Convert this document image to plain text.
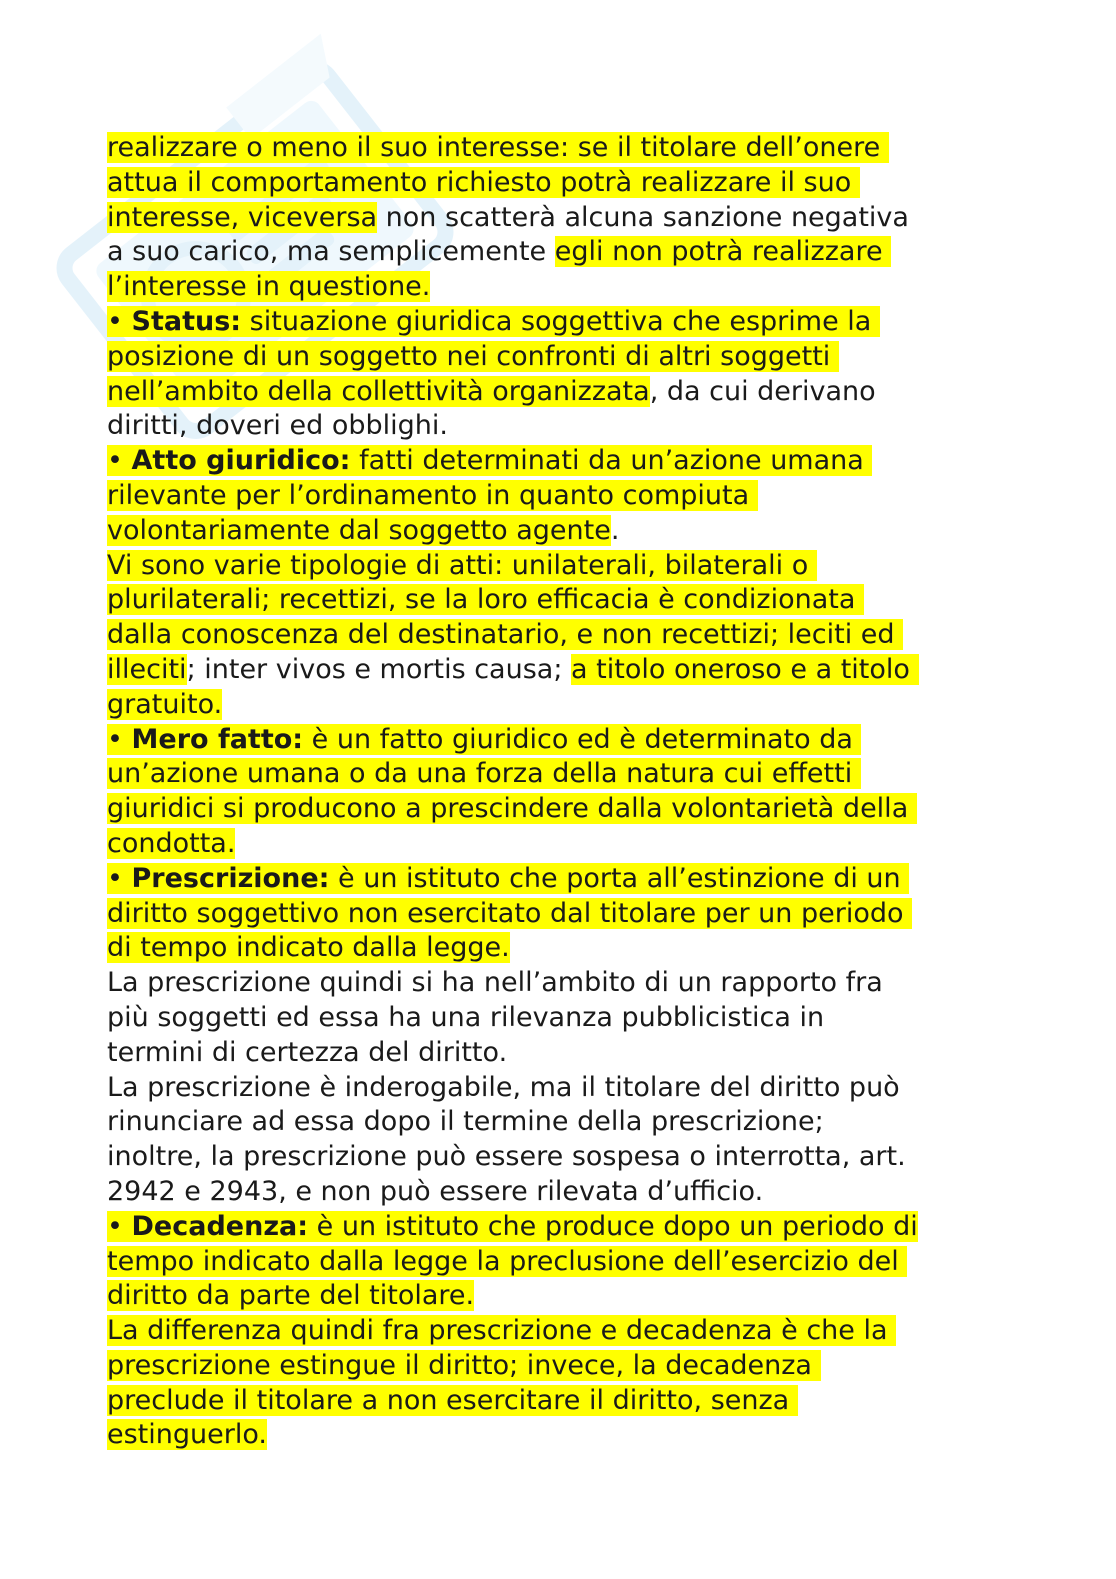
realizzare o meno il suo interesse: se il titolare dell’onere
attua il comportamento richiesto potrà realizzare il suo
interesse, viceversa non scatterà alcuna sanzione negativa
a suo carico, ma semplicemente egli non potrà realizzare
l’interesse in questione.
• Status: situazione giuridica soggettiva che esprime la
posizione di un soggetto nei confronti di altri soggetti
nell’ambito della collettività organizzata, da cui derivano
diritti, doveri ed obblighi.
• Atto giuridico: fatti determinati da un’azione umana
rilevante per l’ordinamento in quanto compiuta
volontariamente dal soggetto agente.
Vi sono varie tipologie di atti: unilaterali, bilaterali o
plurilaterali; recettizi, se la loro efficacia è condizionata
dalla conoscenza del destinatario, e non recettizi; leciti ed
illeciti; inter vivos e mortis causa; a titolo oneroso e a titolo
gratuito.
• Mero fatto: è un fatto giuridico ed è determinato da
un’azione umana o da una forza della natura cui effetti
giuridici si producono a prescindere dalla volontarietà della
condotta.
• Prescrizione: è un istituto che porta all’estinzione di un
diritto soggettivo non esercitato dal titolare per un periodo
di tempo indicato dalla legge.
La prescrizione quindi si ha nell’ambito di un rapporto fra
più soggetti ed essa ha una rilevanza pubblicistica in
termini di certezza del diritto.
La prescrizione è inderogabile, ma il titolare del diritto può
rinunciare ad essa dopo il termine della prescrizione;
inoltre, la prescrizione può essere sospesa o interrotta, art.
2942 e 2943, e non può essere rilevata d’ufficio.
• Decadenza: è un istituto che produce dopo un periodo di
tempo indicato dalla legge la preclusione dell’esercizio del
diritto da parte del titolare.
La differenza quindi fra prescrizione e decadenza è che la
prescrizione estingue il diritto; invece, la decadenza
preclude il titolare a non esercitare il diritto, senza
estinguerlo.
